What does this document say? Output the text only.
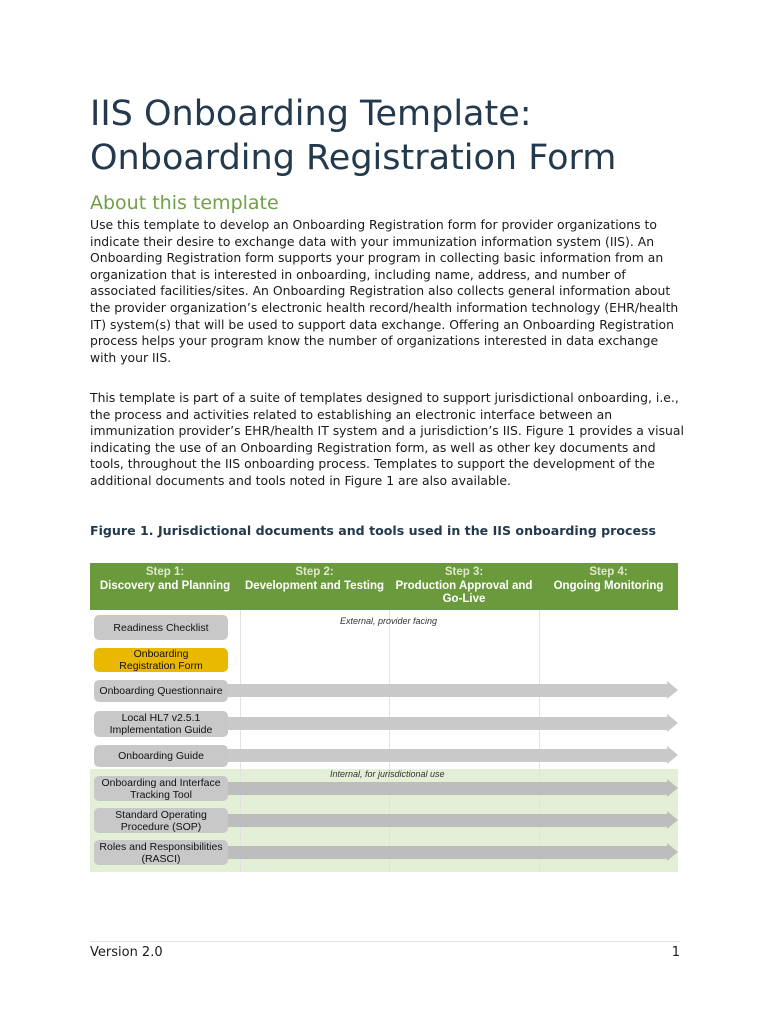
IIS Onboarding Template:
Onboarding Registration Form
About this template

Use this template to develop an Onboarding Registration form for provider organizations to indicate their desire to exchange data with your immunization information system (IIS). An Onboarding Registration form supports your program in collecting basic information from an organization that is interested in onboarding, including name, address, and number of associated facilities/sites. An Onboarding Registration also collects general information about the provider organization’s electronic health record/health information technology (EHR/health IT) system(s) that will be used to support data exchange. Offering an Onboarding Registration process helps your program know the number of organizations interested in data exchange with your IIS.

This template is part of a suite of templates designed to support jurisdictional onboarding, i.e., the process and activities related to establishing an electronic interface between an immunization provider’s EHR/health IT system and a jurisdiction’s IIS. Figure 1 provides a visual indicating the use of an Onboarding Registration form, as well as other key documents and tools, throughout the IIS onboarding process. Templates to support the development of the additional documents and tools noted in Figure 1 are also available.

Figure 1. Jurisdictional documents and tools used in the IIS onboarding process

Step 1:
Discovery and Planning
Step 2:
Development and Testing
Step 3:
Production Approval and Go-Live
Step 4:
Ongoing Monitoring
External, provider facing
Internal, for jurisdictional use
Readiness Checklist
Onboarding Registration Form
Onboarding Questionnaire
Local HL7 v2.5.1 Implementation Guide
Onboarding Guide
Onboarding and Interface Tracking Tool
Standard Operating Procedure (SOP)
Roles and Responsibilities (RASCI)
Version 2.0	1
